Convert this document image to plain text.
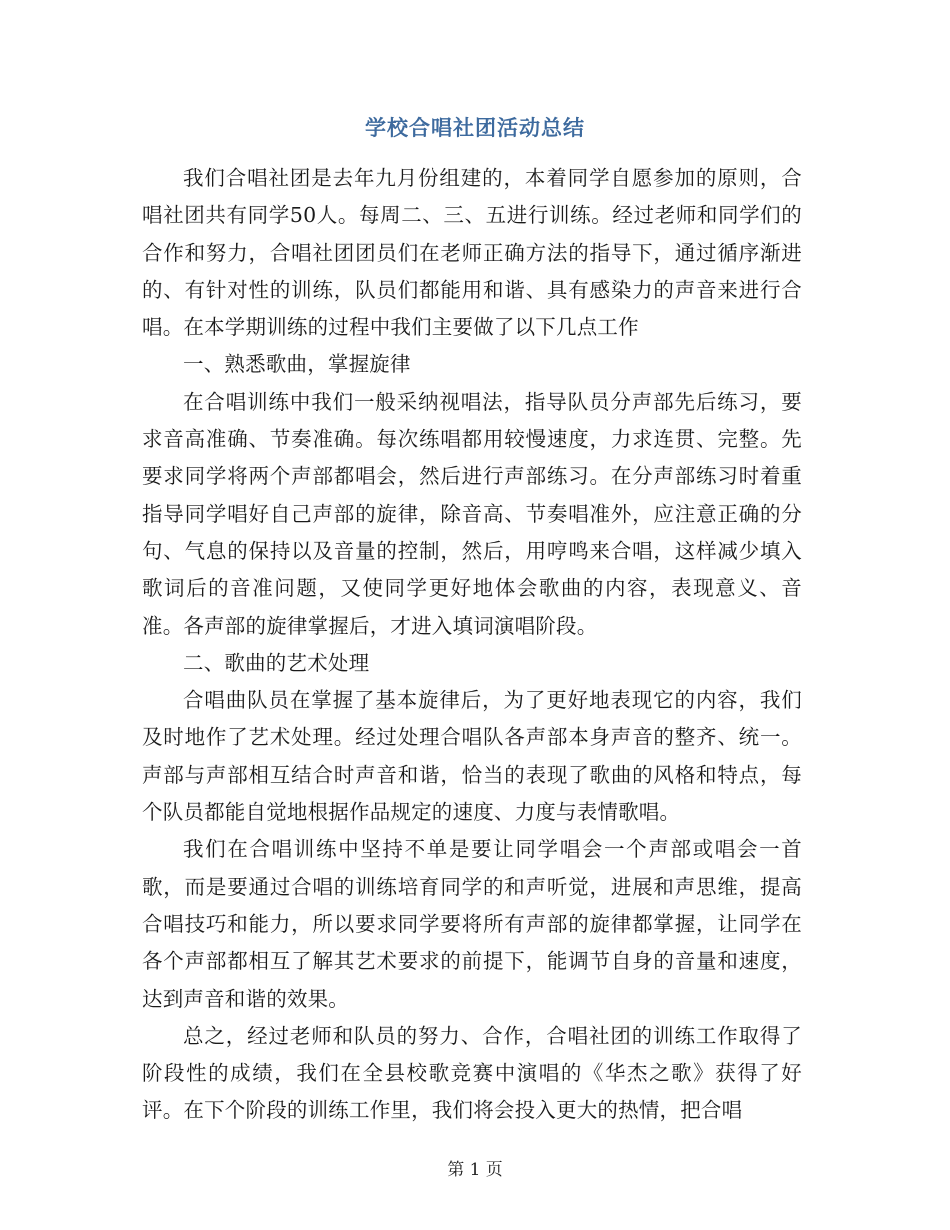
学校合唱社团活动总结

我们合唱社团是去年九月份组建的，本着同学自愿参加的原则，合唱社团共有同学50人。每周二、三、五进行训练。经过老师和同学们的合作和努力，合唱社团团员们在老师正确方法的指导下，通过循序渐进的、有针对性的训练，队员们都能用和谐、具有感染力的声音来进行合唱。在本学期训练的过程中我们主要做了以下几点工作

一、熟悉歌曲，掌握旋律

在合唱训练中我们一般采纳视唱法，指导队员分声部先后练习，要求音高准确、节奏准确。每次练唱都用较慢速度，力求连贯、完整。先要求同学将两个声部都唱会，然后进行声部练习。在分声部练习时着重指导同学唱好自己声部的旋律，除音高、节奏唱准外，应注意正确的分句、气息的保持以及音量的控制，然后，用哼鸣来合唱，这样减少填入歌词后的音准问题，又使同学更好地体会歌曲的内容，表现意义、音准。各声部的旋律掌握后，才进入填词演唱阶段。

二、歌曲的艺术处理

合唱曲队员在掌握了基本旋律后，为了更好地表现它的内容，我们及时地作了艺术处理。经过处理合唱队各声部本身声音的整齐、统一。声部与声部相互结合时声音和谐，恰当的表现了歌曲的风格和特点，每个队员都能自觉地根据作品规定的速度、力度与表情歌唱。

我们在合唱训练中坚持不单是要让同学唱会一个声部或唱会一首歌，而是要通过合唱的训练培育同学的和声听觉，进展和声思维，提高合唱技巧和能力，所以要求同学要将所有声部的旋律都掌握，让同学在各个声部都相互了解其艺术要求的前提下，能调节自身的音量和速度，达到声音和谐的效果。

总之，经过老师和队员的努力、合作，合唱社团的训练工作取得了阶段性的成绩，我们在全县校歌竞赛中演唱的《华杰之歌》获得了好评。在下个阶段的训练工作里，我们将会投入更大的热情，把合唱

第 1 页
